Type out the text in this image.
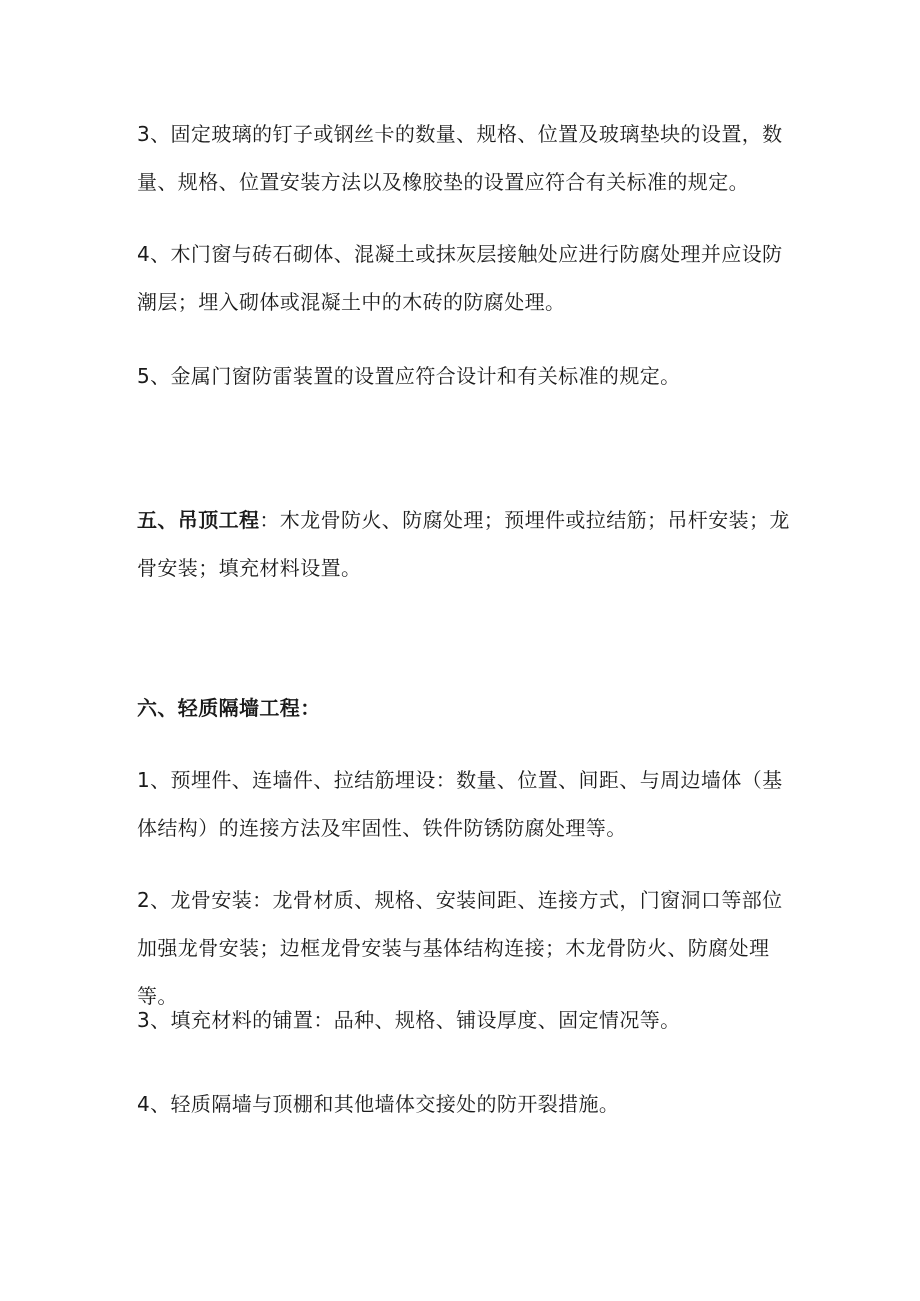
3、固定玻璃的钉子或钢丝卡的数量、规格、位置及玻璃垫块的设置，数量、规格、位置安装方法以及橡胶垫的设置应符合有关标准的规定。

4、木门窗与砖石砌体、混凝土或抹灰层接触处应进行防腐处理并应设防潮层；埋入砌体或混凝土中的木砖的防腐处理。

5、金属门窗防雷装置的设置应符合设计和有关标准的规定。

五、吊顶工程：木龙骨防火、防腐处理；预埋件或拉结筋；吊杆安装；龙骨安装；填充材料设置。

六、轻质隔墙工程：

1、预埋件、连墙件、拉结筋埋设：数量、位置、间距、与周边墙体（基体结构）的连接方法及牢固性、铁件防锈防腐处理等。

2、龙骨安装：龙骨材质、规格、安装间距、连接方式，门窗洞口等部位加强龙骨安装；边框龙骨安装与基体结构连接；木龙骨防火、防腐处理等。

3、填充材料的铺置：品种、规格、铺设厚度、固定情况等。

4、轻质隔墙与顶棚和其他墙体交接处的防开裂措施。
